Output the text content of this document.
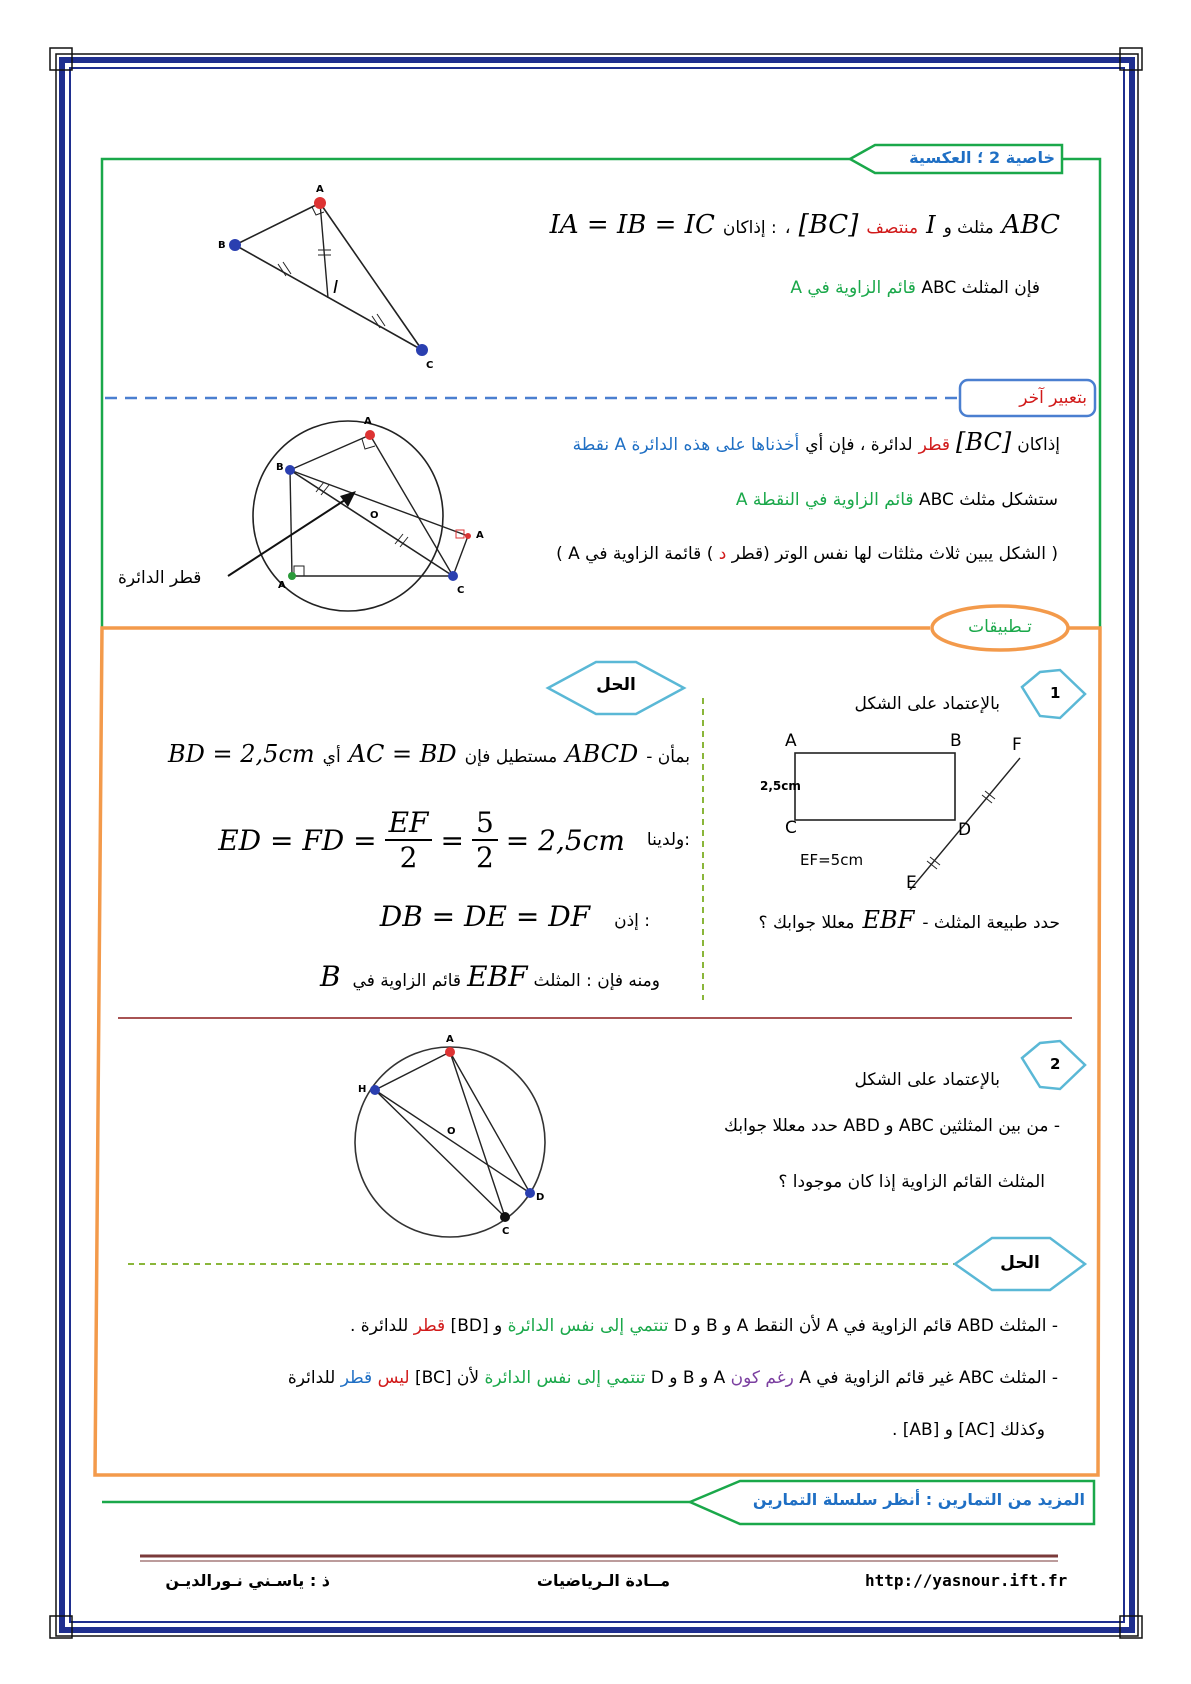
خاصية 2 ؛ العكسية
IA = IB = IC إذاكان : ، [BC] منتصف I مثلث و ABC
فإن المثلث ABC قائم الزاوية في A
A
B
C
I
بتعبير آخر
نقطة A أخذناها على هذه الدائرة لدائرة ، فإن أي قطر [BC] إذاكان
ستشكل مثلث ABC قائم الزاوية في النقطة A
( الشكل يبين ثلاث مثلثات لها نفس الوتر (قطر د ) قائمة الزاوية في A )
A
B
A
C
A
O
قطر الدائرة
تـطبيقات
1
بالإعتماد على الشكل
A	B
C	D
E
F
2,5cm
EF=5cm
معللا جوابك ؟ EBF - حدد طبيعة المثلث
الحل
BD = 2,5cm أي AC = BD مستطيل فإن ABCD - بمأن
ED = FD = $\frac{EF}{2} = \frac{5}{2} = 2,5cm$ ولدينا:
DB = DE = DF إذن :
B قائم الزاوية في EBF ومنه فإن : المثلث
2
بالإعتماد على الشكل
- من بين المثلثين ABC و ABD حدد معللا جوابك
المثلث القائم الزاوية إذا كان موجودا ؟
A
H
O
D
C
الحل
- المثلث ABD قائم الزاوية في A لأن النقط A و B و D تنتمي إلى نفس الدائرة و [BD] قطر للدائرة .
- المثلث ABC غير قائم الزاوية في A رغم كون A و B و D تنتمي إلى نفس الدائرة لأن [BC] ليس قطر للدائرة
وكذلك [AC] و [AB] .
المزيد من التمارين : أنظر سلسلة التمارين
http://yasnour.ift.fr
مــادة الـرياضيات
ذ : ياسـني نـورالديـن
